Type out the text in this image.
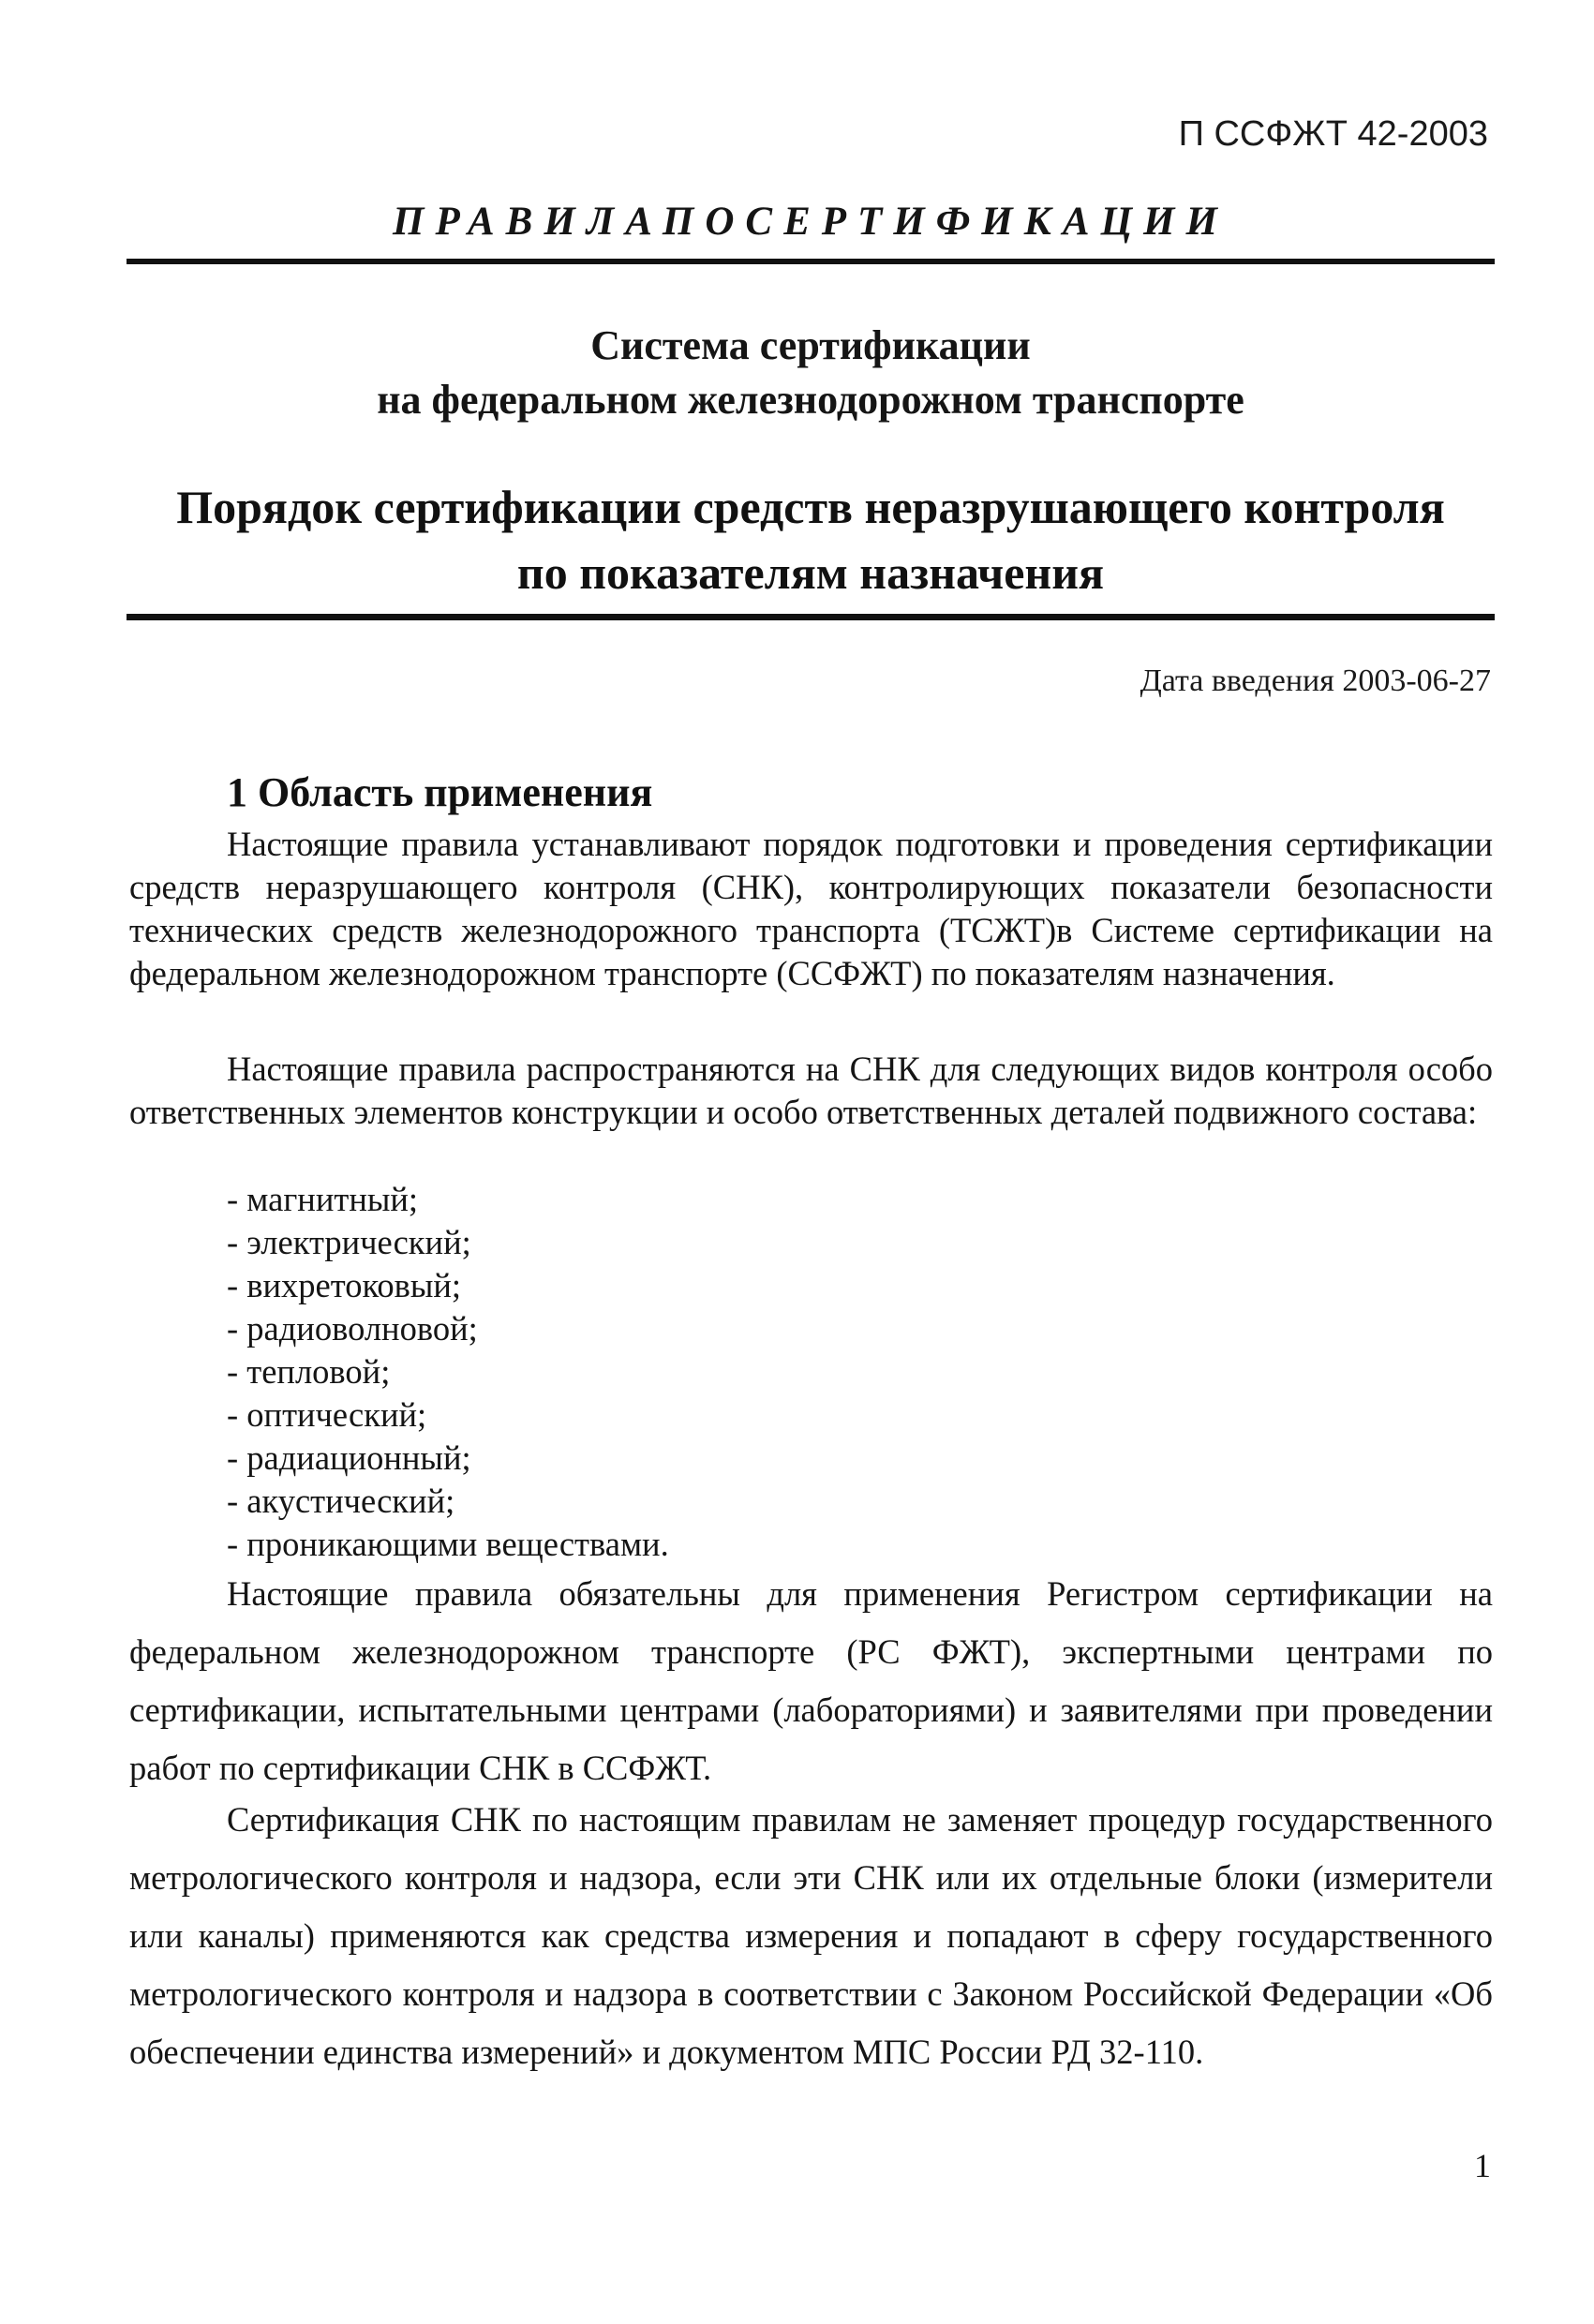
П ССФЖТ 42-2003
ПРАВИЛАПОСЕРТИФИКАЦИИ
Система сертификации
на федеральном железнодорожном транспорте
Порядок сертификации средств неразрушающего контроля
по показателям назначения
Дата введения 2003-06-27
1 Область применения

Настоящие правила устанавливают порядок подготовки и проведения сертификации средств неразрушающего контроля (СНК), контролирующих показатели безопасности технических средств железнодорожного транспорта (ТСЖТ)в Системе сертификации на федеральном железнодорожном транспорте (ССФЖТ) по показателям назначения.

Настоящие правила распространяются на СНК для следующих видов контроля особо ответственных элементов конструкции и особо ответственных деталей подвижного состава:

- магнитный;
- электрический;
- вихретоковый;
- радиоволновой;
- тепловой;
- оптический;
- радиационный;
- акустический;
- проникающими веществами.

Настоящие правила обязательны для применения Регистром сертификации на федеральном железнодорожном транспорте (РС ФЖТ), экспертными центрами по сертификации, испытательными центрами (лабораториями) и заявителями при проведении работ по сертификации СНК в ССФЖТ.

Сертификация СНК по настоящим правилам не заменяет процедур государственного метрологического контроля и надзора, если эти СНК или их отдельные блоки (измерители или каналы) применяются как средства измерения и попадают в сферу государственного метрологического контроля и надзора в соответствии с Законом Российской Федерации «Об обеспечении единства измерений» и документом МПС России РД 32-110.

1
